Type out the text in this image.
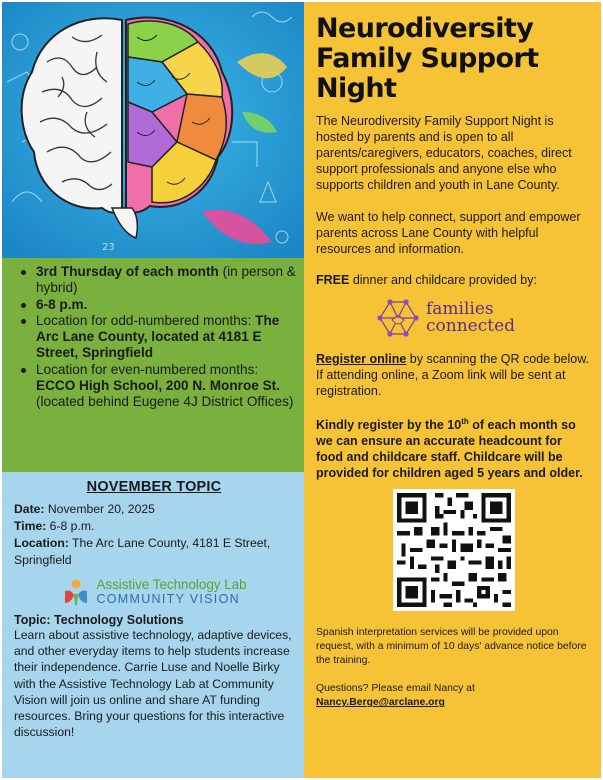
23
3rd Thursday of each month (in person & hybrid)
6-8 p.m.
Location for odd-numbered months: The Arc Lane County, located at 4181 E Street, Springfield
Location for even-numbered months: ECCO High School, 200 N. Monroe St. (located behind Eugene 4J District Offices)
NOVEMBER TOPIC

Date: November 20, 2025

Time: 6-8 p.m.

Location: The Arc Lane County, 4181 E Street, Springfield

Assistive Technology Lab
COMMUNITY VISION
Topic: Technology Solutions
Learn about assistive technology, adaptive devices, and other everyday items to help students increase their independence. Carrie Luse and Noelle Birky with the Assistive Technology Lab at Community Vision will join us online and share AT funding resources. Bring your questions for this interactive discussion!
Neurodiversity
Family Support
Night

The Neurodiversity Family Support Night is hosted by parents and is open to all parents/caregivers, educators, coaches, direct support professionals and anyone else who supports children and youth in Lane County.

We want to help connect, support and empower parents across Lane County with helpful resources and information.

FREE dinner and childcare provided by:

families
connected

Register online by scanning the QR code below. If attending online, a Zoom link will be sent at registration.

Kindly register by the 10th of each month so we can ensure an accurate headcount for food and childcare staff. Childcare will be provided for children aged 5 years and older.

Spanish interpretation services will be provided upon request, with a minimum of 10 days' advance notice before the training.

Questions? Please email Nancy at

Nancy.Berge@arclane.org
